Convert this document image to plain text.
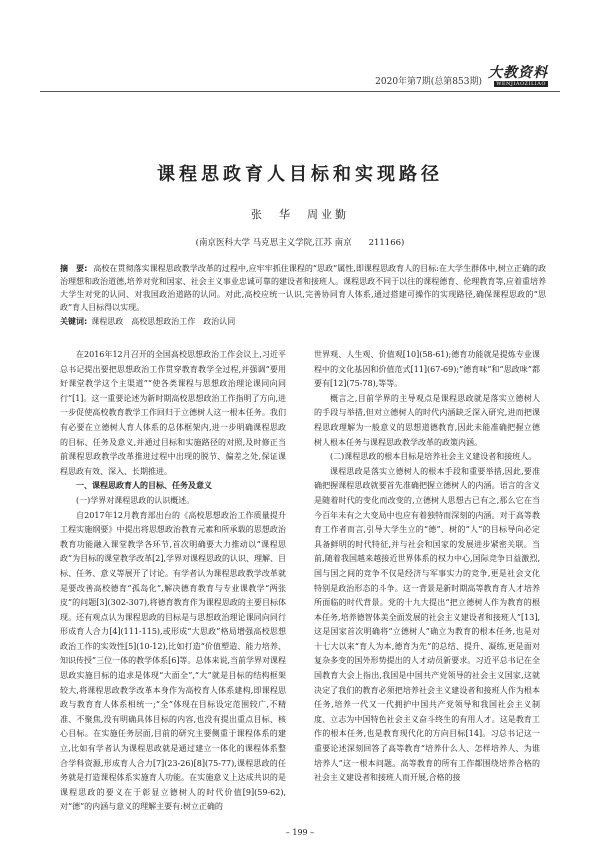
2020年第7期(总第853期)
大教资料
WENJIAOZILIAO
课程思政育人目标和实现路径
张　华　周业勤
(南京医科大学 马克思主义学院,江苏 南京　　211166)
摘　要: 高校在贯彻落实课程思政教学改革的过程中,应牢牢抓住课程的“思政”属性,即课程思政育人的目标:在大学生群体中,树立正确的政治理想和政治道德,培养对党和国家、社会主义事业忠诚可靠的建设者和接班人。课程思政不同于以往的课程德育、伦理教育等,应着重培养大学生对党的认同、对我国政治道路的认同。对此,高校应统一认识,完善协同育人体系,通过搭建可操作的实现路径,确保课程思政的“思政”育人目标得以实现。
关键词: 课程思政　高校思想政治工作　政治认同

在2016年12月召开的全国高校思想政治工作会议上,习近平总书记提出要把思想政治工作贯穿教育教学全过程,并强调“要用好课堂教学这个主渠道”“使各类课程与思想政治理论课同向同行”[1]。这一重要论述为新时期高校思想政治工作指明了方向,进一步促使高校教育教学工作回归于立德树人这一根本任务。我们有必要在立德树人育人体系的总体框架内,进一步明确课程思政的目标、任务及意义,并通过目标和实施路径的对照,及时修正当前课程思政教学改革推进过程中出现的脱节、偏差之处,保证课程思政有效、深入、长期推进。

一、课程思政育人的目标、任务及意义

(一)学界对课程思政的认识概述。

自2017年12月教育部出台的《高校思想政治工作质量提升工程实施纲要》中提出将思想政治教育元素和所承载的思想政治教育功能融入课堂教学各环节,首次明确要大力推动以“课程思政”为目标的课堂教学改革[2],学界对课程思政的认识、理解、目标、任务、意义等展开了讨论。有学者认为课程思政教学改革就是要改善高校德育“孤岛化”,解决德育教育与专业课教学“两张皮”的问题[3](302-307),将德育教育作为课程思政的主要目标体现。还有观点认为课程思政的目标是与思想政治理论课同向同行形成育人合力[4](111-115),或形成“大思政”格局增强高校思想政治工作的实效性[5](10-12),比如打造“价值塑造、能力培养、知识传授”三位一体的教学体系[6]等。总体来说,当前学界对课程思政实施目标的追求是体现“大面全”,“大”就是目标的结构框架较大,将课程思政教学改革本身作为高校育人体系建构,即课程思政与教育育人体系相统一;“全”体现在目标设定范围较广,不精准、不聚焦,没有明确具体目标的内容,也没有提出重点目标、核心目标。在实施任务层面,目前的研究主要侧重于课程体系的建立,比如有学者认为课程思政就是通过建立一体化的课程体系整合学科资源,形成育人合力[7](23-26)[8](75-77),课程思政的任务就是打造课程体系实施育人功能。在实施意义上达成共识的是课程思政的要义在于彰显立德树人的时代价值[9](59-62),对“德”的内涵与意义的理解主要有:树立正确的

世界观、人生观、价值观[10](58-61);德育功能就是提炼专业课程中的文化基因和价值范式[11](67-69);“德育味”和“思政味”都要有[12](75-78),等等。

概言之,目前学界的主导观点是课程思政就是落实立德树人的手段与举措,但对立德树人的时代内涵缺乏深入研究,进而把课程思政理解为一般意义的思想道德教育,因此未能准确把握立德树人根本任务与课程思政教学改革的政策内涵。

(二)课程思政的根本目标是培养社会主义建设者和接班人。

课程思政是落实立德树人的根本手段和重要举措,因此,要准确把握课程思政就要首先准确把握立德树人的内涵。语言的含义是随着时代的变化而改变的,立德树人思想古已有之,那么它在当今百年未有之大变局中也应有着独特而深刻的内涵。对于高等教育工作者而言,引导大学生立的“德”、树的“人”的目标导向必定具备鲜明的时代特征,并与社会和国家的发展进步紧密关联。当前,随着我国越来越接近世界体系的权力中心,国际竞争日益激烈,国与国之间的竞争不仅是经济与军事实力的竞争,更是社会文化特别是政治形态的斗争。这一背景是新时期高等教育育人才培养所面临的时代背景。党的十九大提出“把立德树人作为教育的根本任务,培养德智体美全面发展的社会主义建设者和接班人”[13],这是国家首次明确将“立德树人”确立为教育的根本任务,也是对十七大以来“育人为本,德育为先”的总结、提升、凝练,更是面对复杂多变的国外形势提出的人才动员新要求。习近平总书记在全国教育大会上指出,我国是中国共产党领导的社会主义国家,这就决定了我们的教育必须把培养社会主义建设者和接班人作为根本任务,培养一代又一代拥护中国共产党领导和我国社会主义制度、立志为中国特色社会主义奋斗终生的有用人才。这是教育工作的根本任务,也是教育现代化的方向目标[14]。习总书记这一重要论述深刻回答了高等教育“培养什么人、怎样培养人、为谁培养人”这一根本问题。高等教育的所有工作都围绕培养合格的社会主义建设者和接班人而开展,合格的接

– 199 –
